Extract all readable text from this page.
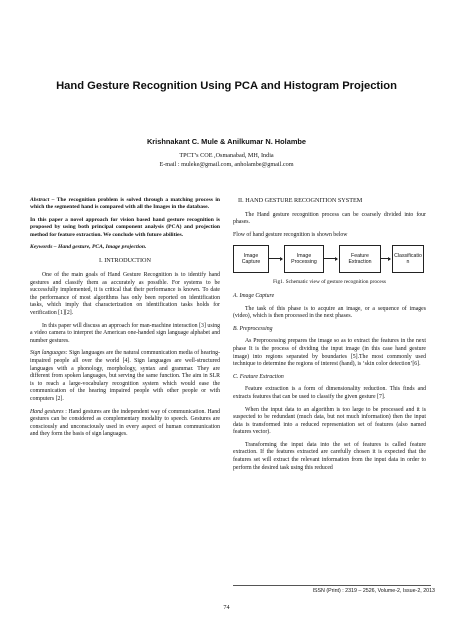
Hand Gesture Recognition Using PCA and Histogram Projection
Krishnakant C. Mule & Anilkumar N. Holambe
TPCT’s COE ,Osmanabad, MH, India
E-mail : muleke@gmail.com, anholambe@gmail.com

Abstract – The recognition problem is solved through a matching process in which the segmented hand is compared with all the Images in the database.

In this paper a novel approach for vision based hand gesture recognition is proposed by using both principal component analysis (PCA) and projection method for feature extraction. We conclude with future abilities.

Keywords – Hand gesture, PCA, Image projection.

I. INTRODUCTION

One of the main goals of Hand Gesture Recognition is to identify hand gestures and classify them as accurately as possible. For systems to be successfully implemented, it is critical that their performance is known. To date the performance of most algorithms has only been reported on identification tasks, which imply that characterization on identification tasks holds for verification [1][2].

In this paper will discuss an approach for man-machine interaction [3] using a video camera to interpret the American one-handed sign language alphabet and number gestures.

Sign languages: Sign languages are the natural communication media of hearing-impaired people all over the world [4]. Sign languages are well-structured languages with a phonology, morphology, syntax and grammar. They are different from spoken languages, but serving the same function. The aim in SLR is to reach a large-vocabulary recognition system which would ease the communication of the hearing impaired people with other people or with computers [2].

Hand gestures : Hand gestures are the independent way of communication. Hand gestures can be considered as complementary modality to speech. Gestures are consciously and unconsciously used in every aspect of human communication and they form the basis of sign languages.

II. HAND GESTURE RECOGNITION SYSTEM

The Hand gesture recognition process can be coarsely divided into four phases.

Flow of hand gesture recognition is shown below

Image Capture
Image Processing
Feature Extraction
Classification
Fig1. Schematic view of gesture recognition process
A. Image Capture

The task of this phase is to acquire an image, or a sequence of images (video), which is then processed in the next phases.

B. Preprocessing

As Preprocessing prepares the image so as to extract the features in the next phase It is the process of dividing the input image (in this case hand gesture image) into regions separated by boundaries [5].The most commonly used technique to determine the regions of interest (hand), is ‘skin color detection’[6].

C. Feature Extraction

Feature extraction is a form of dimensionality reduction. This finds and extracts features that can be used to classify the given gesture [7].

When the input data to an algorithm is too large to be processed and it is suspected to be redundant (much data, but not much information) then the input data is transformed into a reduced representation set of features (also named features vector).

Transforming the input data into the set of features is called feature extraction. If the features extracted are carefully chosen it is expected that the features set will extract the relevant information from the input data in order to perform the desired task using this reduced

ISSN (Print) : 2319 – 2526, Volume-2, Issue-2, 2013
74
